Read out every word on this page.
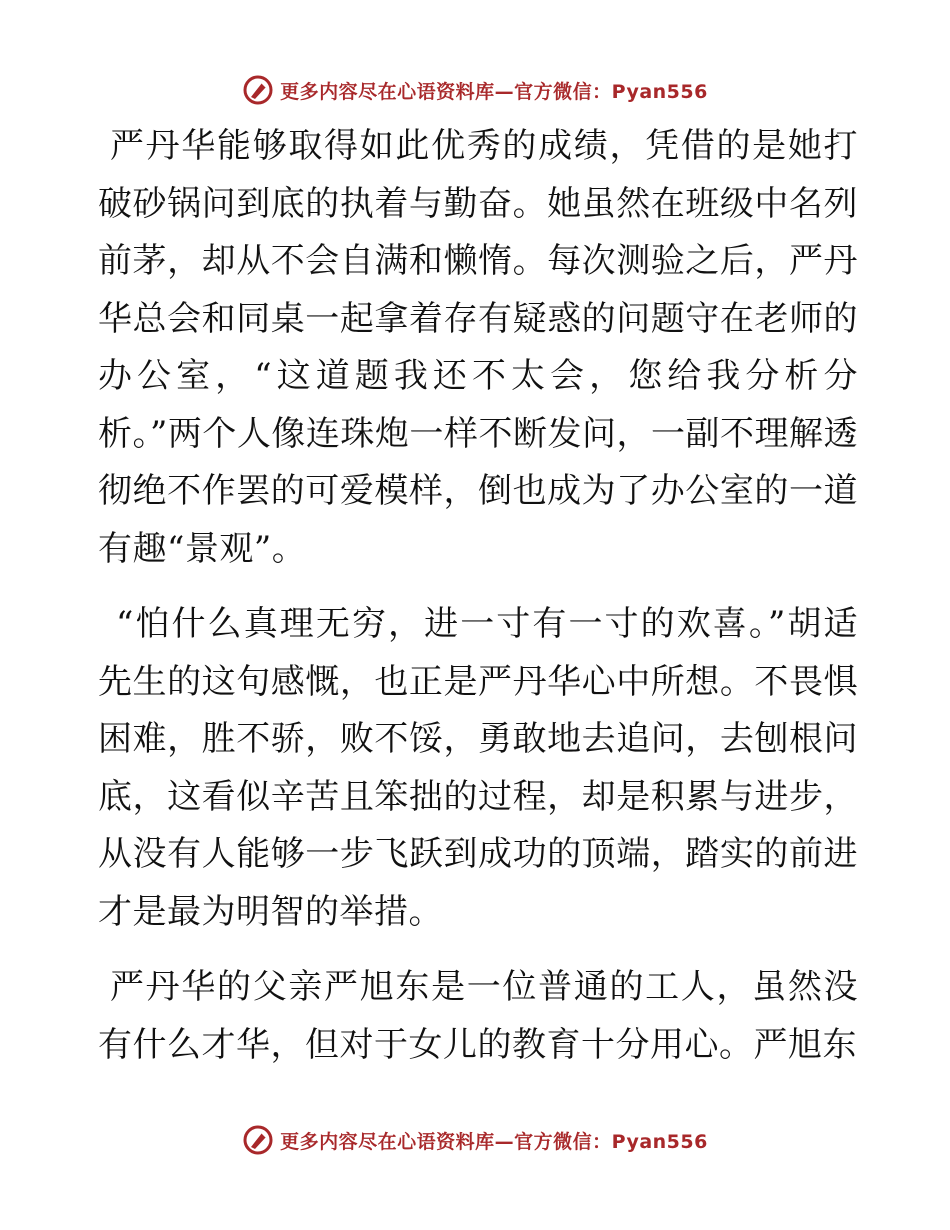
更多内容尽在心语资料库—官方微信：Pyan556

严丹华能够取得如此优秀的成绩，凭借的是她打破砂锅问到底的执着与勤奋。她虽然在班级中名列前茅，却从不会自满和懒惰。每次测验之后，严丹华总会和同桌一起拿着存有疑惑的问题守在老师的办公室，“这道题我还不太会，您给我分析分析。”两个人像连珠炮一样不断发问，一副不理解透彻绝不作罢的可爱模样，倒也成为了办公室的一道有趣“景观”。

“怕什么真理无穷，进一寸有一寸的欢喜。”胡适先生的这句感慨，也正是严丹华心中所想。不畏惧困难，胜不骄，败不馁，勇敢地去追问，去刨根问底，这看似辛苦且笨拙的过程，却是积累与进步，从没有人能够一步飞跃到成功的顶端，踏实的前进才是最为明智的举措。

严丹华的父亲严旭东是一位普通的工人，虽然没有什么才华，但对于女儿的教育十分用心。严旭东

更多内容尽在心语资料库—官方微信：Pyan556
